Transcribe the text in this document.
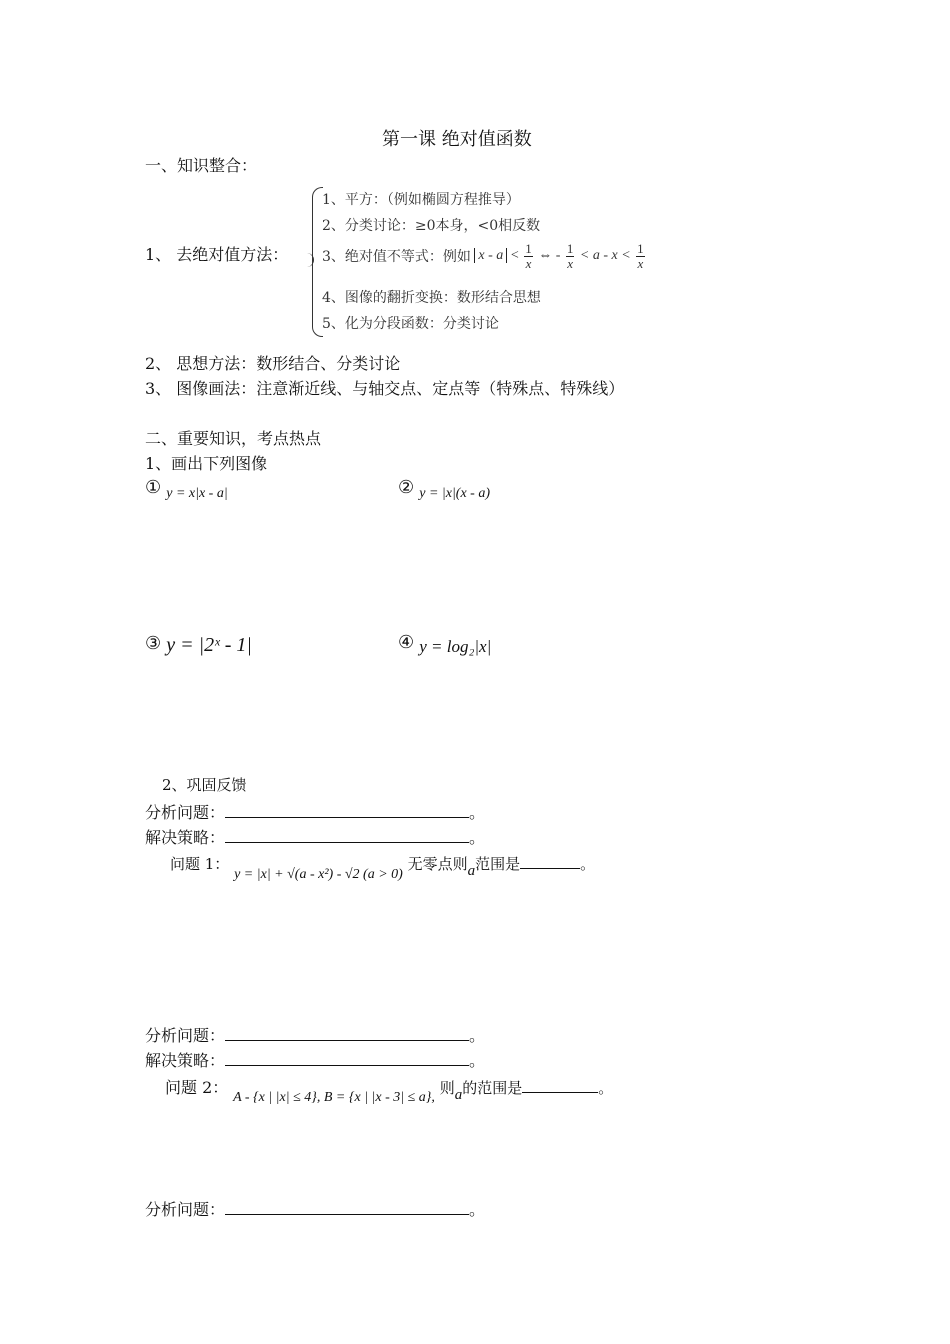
第一课 绝对值函数
一、知识整合：
1、 去绝对值方法：
1、平方：（例如椭圆方程推导）
2、分类讨论：≥0本身，<0相反数
3、绝对值不等式：例如 $x - a < \frac{1}{x}$ ⇔ - $\frac{1}{x} < a - x < \frac{1}{x}$
4、图像的翻折变换：数形结合思想
5、化为分段函数：分类讨论
2、 思想方法：数形结合、分类讨论
3、 图像画法：注意渐近线、与轴交点、定点等（特殊点、特殊线）
二、重要知识，考点热点
1、画出下列图像
① y = x|x - a|	② y = |x|(x - a)
③ y = |2ˣ - 1|	④ y = log₂|x|
2、巩固反馈
分析问题：	。
解决策略：	。
问题 1： y = |x| + √(a - x²) - √2 (a > 0) 无零点则a范围是	。
分析问题：	。
解决策略：	。
问题 2： A - {x | |x| ≤ 4}, B = {x | |x - 3| ≤ a}, 则a的范围是	。
分析问题：	。
